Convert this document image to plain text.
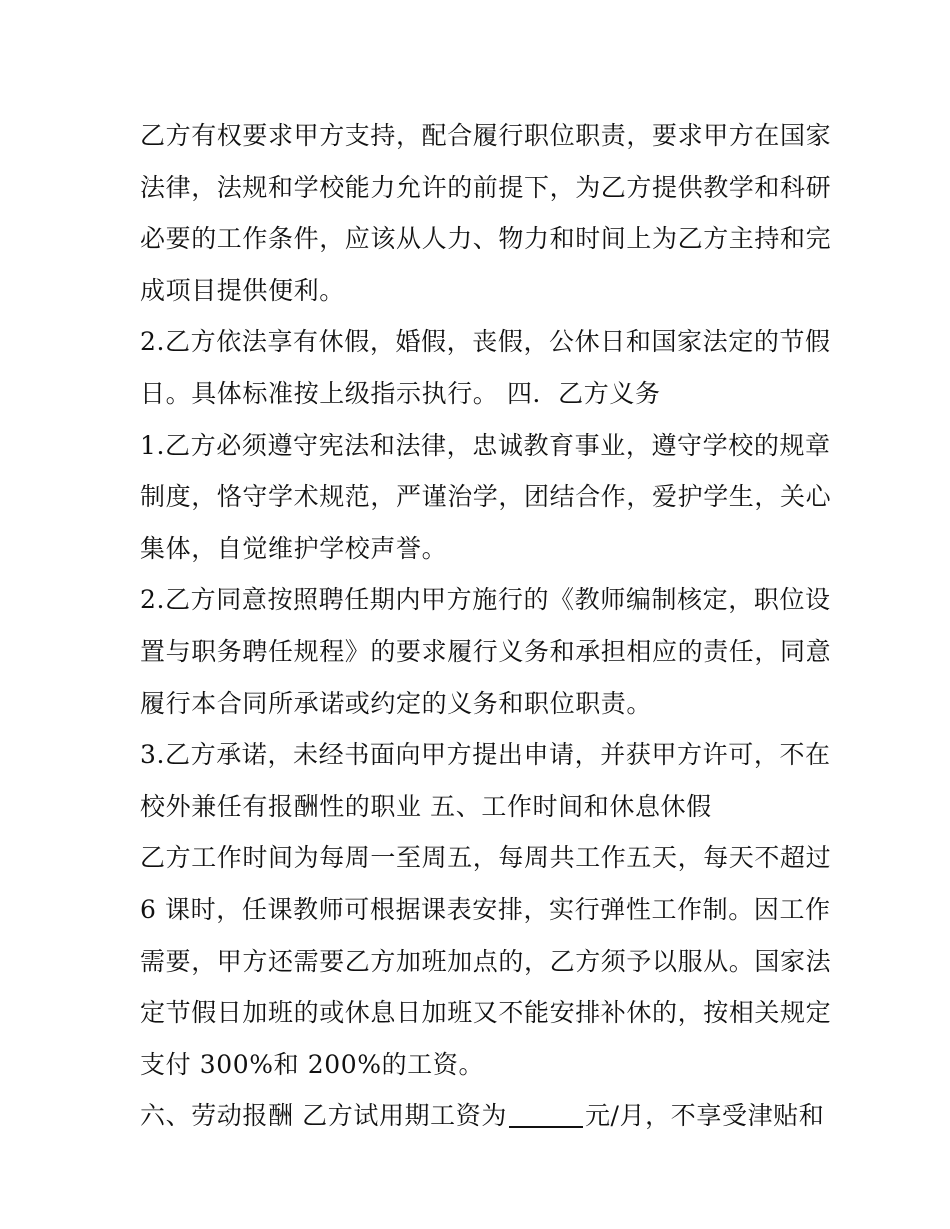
乙方有权要求甲方支持，配合履行职位职责，要求甲方在国家
法律，法规和学校能力允许的前提下，为乙方提供教学和科研
必要的工作条件，应该从人力、物力和时间上为乙方主持和完
成项目提供便利。
2.乙方依法享有休假，婚假，丧假，公休日和国家法定的节假
日。具体标准按上级指示执行。 四．乙方义务
1.乙方必须遵守宪法和法律，忠诚教育事业，遵守学校的规章
制度，恪守学术规范，严谨治学，团结合作，爱护学生，关心
集体，自觉维护学校声誉。
2.乙方同意按照聘任期内甲方施行的《教师编制核定，职位设
置与职务聘任规程》的要求履行义务和承担相应的责任，同意
履行本合同所承诺或约定的义务和职位职责。
3.乙方承诺，未经书面向甲方提出申请，并获甲方许可，不在
校外兼任有报酬性的职业 五、工作时间和休息休假
乙方工作时间为每周一至周五，每周共工作五天，每天不超过
6 课时，任课教师可根据课表安排，实行弹性工作制。因工作
需要，甲方还需要乙方加班加点的，乙方须予以服从。国家法
定节假日加班的或休息日加班又不能安排补休的，按相关规定
支付 300%和 200%的工资。
六、劳动报酬 乙方试用期工资为	元/月，不享受津贴和
